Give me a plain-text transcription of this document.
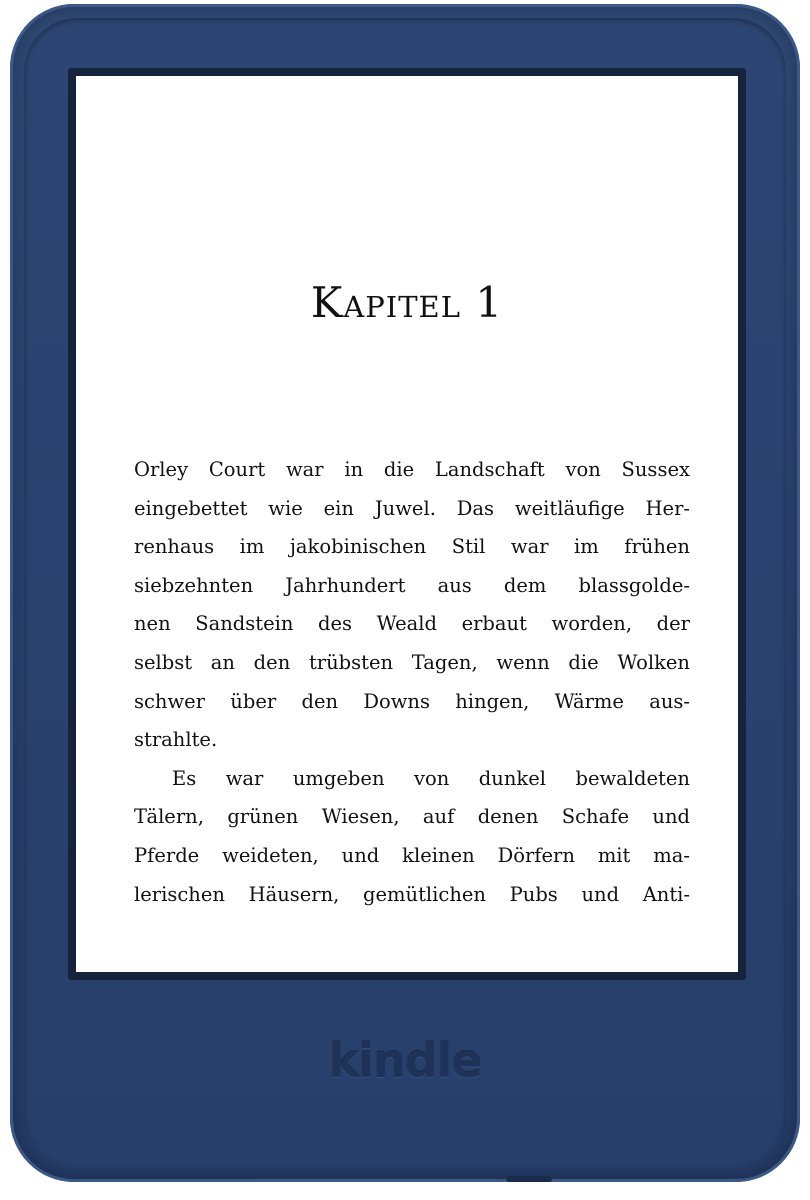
Kapitel 1
Orley Court war in die Landschaft von Sussex
eingebettet wie ein Juwel. Das weitläufige Her-
renhaus im jakobinischen Stil war im frühen
siebzehnten Jahrhundert aus dem blassgolde-
nen Sandstein des Weald erbaut worden, der
selbst an den trübsten Tagen, wenn die Wolken
schwer über den Downs hingen, Wärme aus-
strahlte.
Es war umgeben von dunkel bewaldeten
Tälern, grünen Wiesen, auf denen Schafe und
Pferde weideten, und kleinen Dörfern mit ma-
lerischen Häusern, gemütlichen Pubs und Anti-
kindle
